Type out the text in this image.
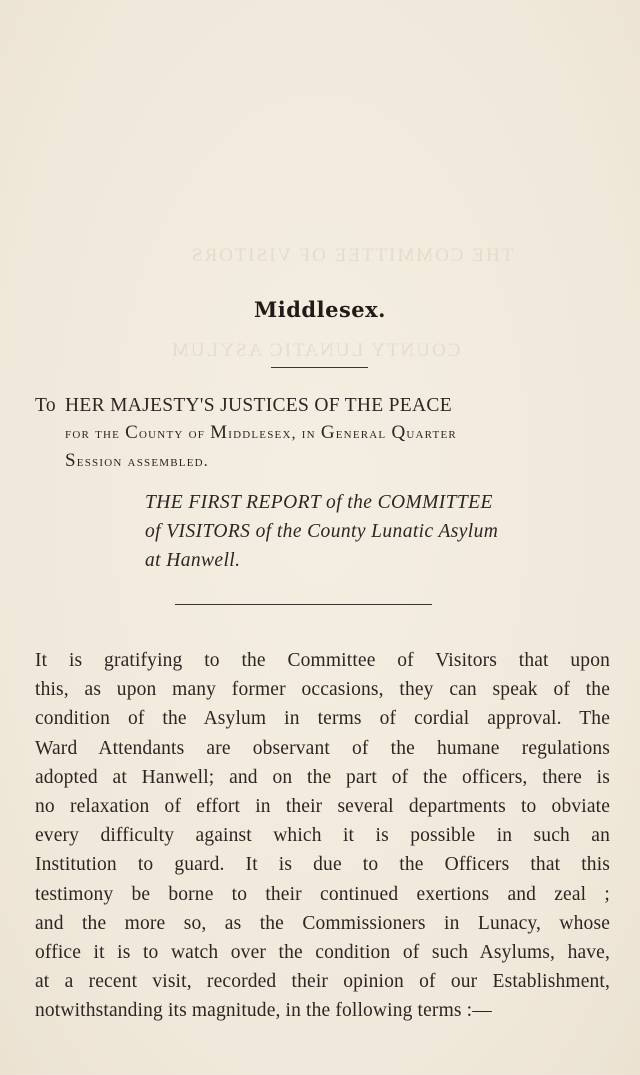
THE COMMITTEE OF VISITORS
COUNTY LUNATIC ASYLUM
Middlesex.
To HER MAJESTY'S JUSTICES OF THE PEACE
for the County of Middlesex, in General Quarter
Session assembled.
THE FIRST REPORT of the COMMITTEE
of VISITORS of the County Lunatic Asylum
at Hanwell.
It is gratifying to the Committee of Visitors that upon
this, as upon many former occasions, they can speak of the
condition of the Asylum in terms of cordial approval. The
Ward Attendants are observant of the humane regulations
adopted at Hanwell; and on the part of the officers, there is
no relaxation of effort in their several departments to obviate
every difficulty against which it is possible in such an
Institution to guard. It is due to the Officers that this
testimony be borne to their continued exertions and zeal ;
and the more so, as the Commissioners in Lunacy, whose
office it is to watch over the condition of such Asylums, have,
at a recent visit, recorded their opinion of our Establishment,
notwithstanding its magnitude, in the following terms :—
